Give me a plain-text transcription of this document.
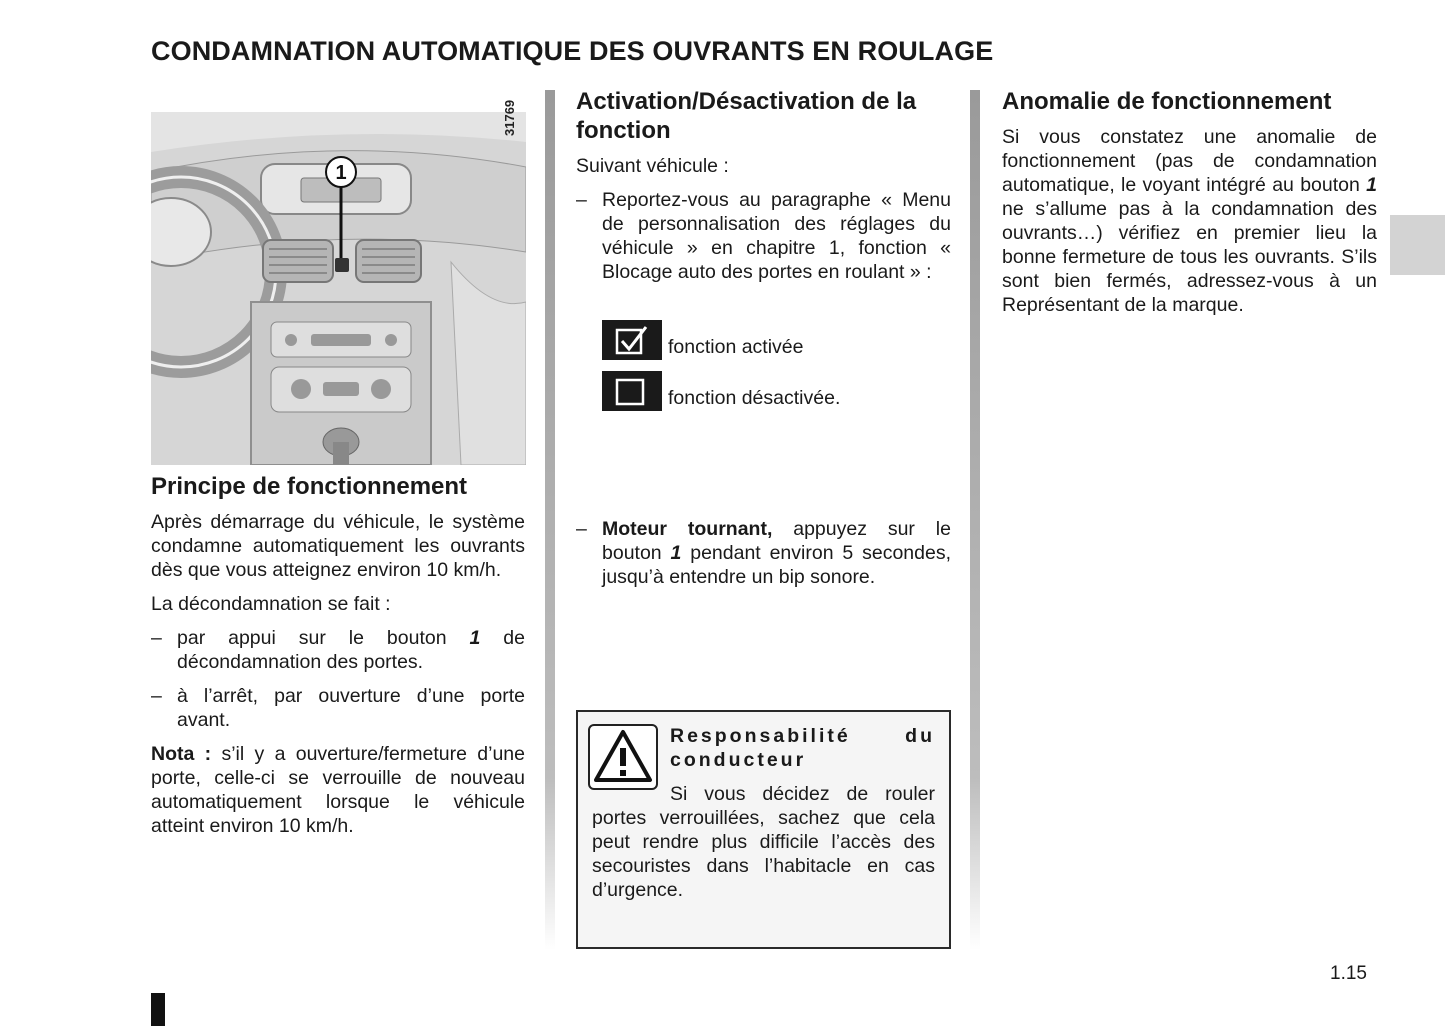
CONDAMNATION AUTOMATIQUE DES OUVRANTS EN ROULAGE
1
31769
Principe de fonctionnement
Après démarrage du véhicule, le système condamne automatiquement les ouvrants dès que vous atteignez environ 10 km/h.
La décondamnation se fait :
– par appui sur le bouton 1 de décondamnation des portes.
– à l’arrêt, par ouverture d’une porte avant.
Nota : s’il y a ouverture/fermeture d’une porte, celle-ci se verrouille de nouveau automatiquement lorsque le véhicule atteint environ 10 km/h.
Activation/Désactivation de la fonction
Suivant véhicule :
– Reportez-vous au paragraphe « Menu de personnalisation des réglages du véhicule » en chapitre 1, fonction « Blocage auto des portes en roulant » :
fonction activée
fonction désactivée.
– Moteur tournant, appuyez sur le bouton 1 pendant environ 5 secondes, jusqu’à entendre un bip sonore.
Responsabilité du conducteur
Si vous décidez de rouler portes verrouillées, sachez que cela peut rendre plus difficile l’accès des secouristes dans l’habitacle en cas d’urgence.
Anomalie de fonctionnement
Si vous constatez une anomalie de fonctionnement (pas de condamnation automatique, le voyant intégré au bouton 1 ne s’allume pas à la condamnation des ouvrants…) vérifiez en premier lieu la bonne fermeture de tous les ouvrants. S’ils sont bien fermés, adressez-vous à un Représentant de la marque.
1.15
